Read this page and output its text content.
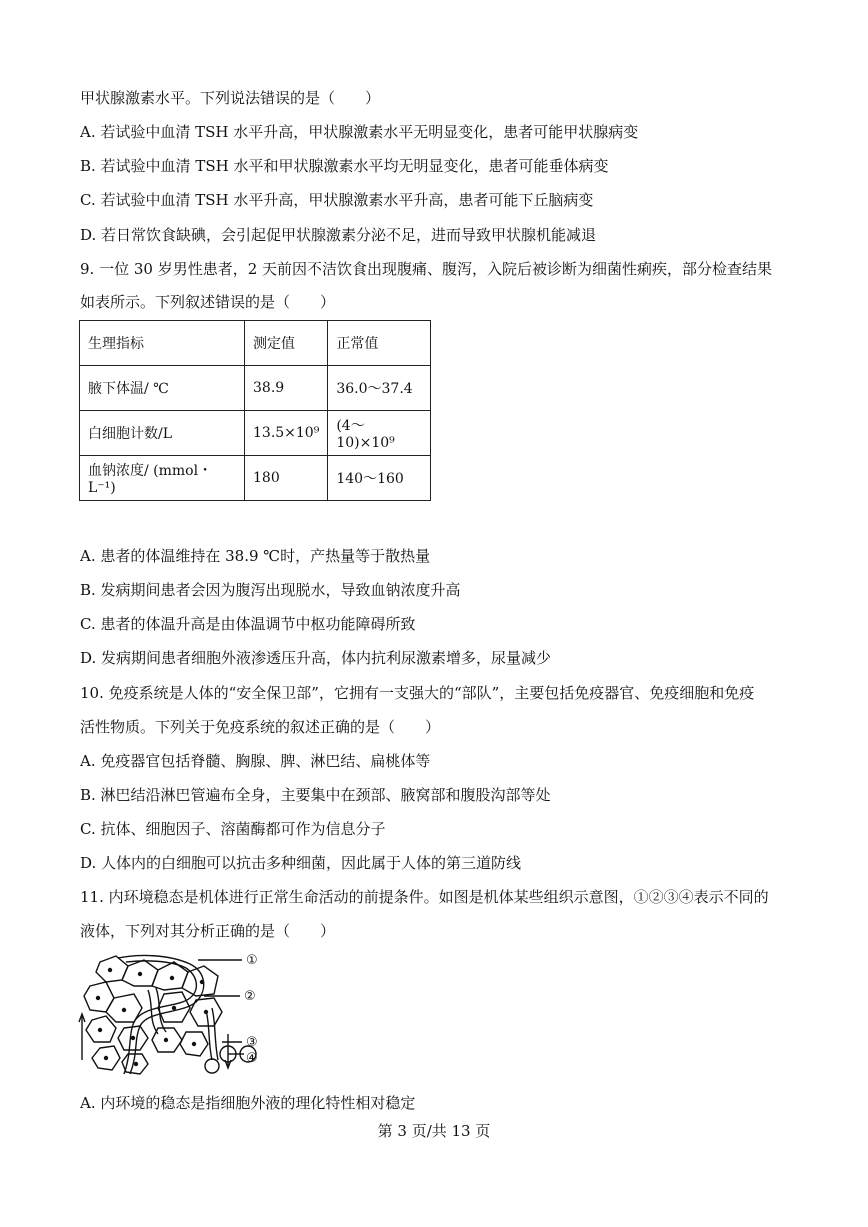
甲状腺激素水平。下列说法错误的是（　　）
A. 若试验中血清 TSH 水平升高，甲状腺激素水平无明显变化，患者可能甲状腺病变
B. 若试验中血清 TSH 水平和甲状腺激素水平均无明显变化，患者可能垂体病变
C. 若试验中血清 TSH 水平升高，甲状腺激素水平升高，患者可能下丘脑病变
D. 若日常饮食缺碘，会引起促甲状腺激素分泌不足，进而导致甲状腺机能减退
9. 一位 30 岁男性患者，2 天前因不洁饮食出现腹痛、腹泻，入院后被诊断为细菌性痢疾，部分检查结果
如表所示。下列叙述错误的是（　　）
生理指标	测定值	正常值
腋下体温/ ℃	38.9	36.0～37.4
白细胞计数/L	13.5×10⁹	(4～10)×10⁹
血钠浓度/ (mmol・L⁻¹)	180	140～160
A. 患者的体温维持在 38.9 ℃时，产热量等于散热量
B. 发病期间患者会因为腹泻出现脱水，导致血钠浓度升高
C. 患者的体温升高是由体温调节中枢功能障碍所致
D. 发病期间患者细胞外液渗透压升高，体内抗利尿激素增多，尿量减少
10. 免疫系统是人体的“安全保卫部”，它拥有一支强大的“部队”，主要包括免疫器官、免疫细胞和免疫
活性物质。下列关于免疫系统的叙述正确的是（　　）
A. 免疫器官包括脊髓、胸腺、脾、淋巴结、扁桃体等
B. 淋巴结沿淋巴管遍布全身，主要集中在颈部、腋窝部和腹股沟部等处
C. 抗体、细胞因子、溶菌酶都可作为信息分子
D. 人体内的白细胞可以抗击多种细菌，因此属于人体的第三道防线
11. 内环境稳态是机体进行正常生命活动的前提条件。如图是机体某些组织示意图，①②③④表示不同的
液体，下列对其分析正确的是（　　）
①
②
③
④
A. 内环境的稳态是指细胞外液的理化特性相对稳定
第 3 页/共 13 页
